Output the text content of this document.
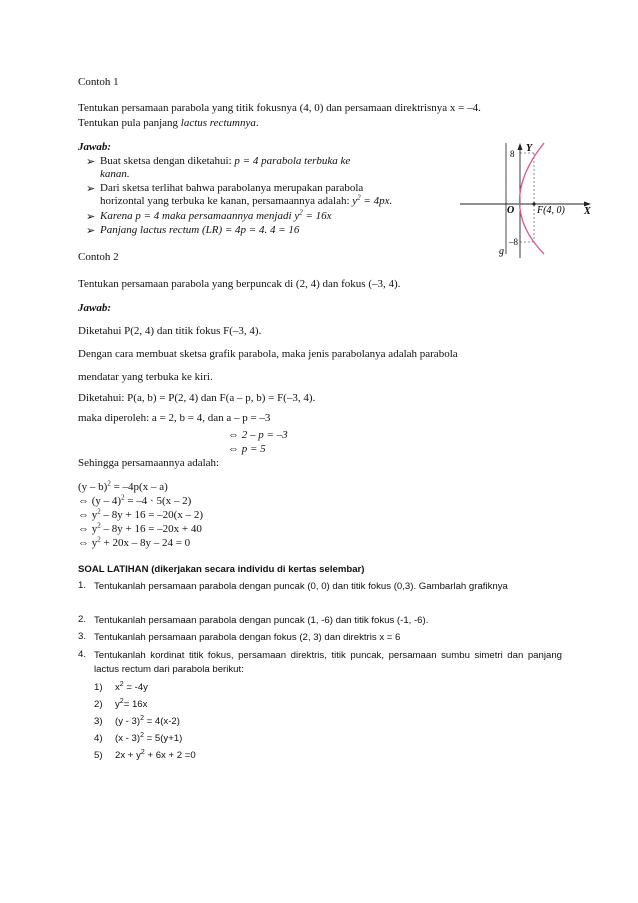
Contoh 1
Tentukan persamaan parabola yang titik fokusnya (4, 0) dan persamaan direktrisnya x = –4.
Tentukan pula panjang lactus rectumnya.
Jawab:
➢ Buat sketsa dengan diketahui: p = 4 parabola terbuka ke
kanan.
➢ Dari sketsa terlihat bahwa parabolanya merupakan parabola
horizontal yang terbuka ke kanan, persamaannya adalah: $y^2 = 4px$.
➢ Karena p = 4 maka persamaannya menjadi $y^2 = 16x$
➢ Panjang lactus rectum (LR) = 4p = 4. 4 = 16
Contoh 2
Tentukan persamaan parabola yang berpuncak di (2, 4) dan fokus (–3, 4).
Jawab:
Diketahui P(2, 4) dan titik fokus F(–3, 4).
Dengan cara membuat sketsa grafik parabola, maka jenis parabolanya adalah parabola
mendatar yang terbuka ke kiri.
Diketahui: P(a, b) = P(2, 4) dan F(a – p, b) = F(–3, 4).
maka diperoleh: a = 2, b = 4, dan a – p = –3
⇔ 2 – p = –3
⇔ p = 5
Sehingga persamaannya adalah:
(y – b)$^2$ = –4p(x – a)
⇔ (y – 4)$^2$ = –4 · 5(x – 2)
⇔ $y^2 - 8y + 16 = -20(x - 2)$
⇔ $y^2 - 8y + 16 = -20x + 40$
⇔ $y^2 + 20x - 8y - 24 = 0$
SOAL LATIHAN (dikerjakan secara individu di kertas selembar)
1. Tentukanlah persamaan parabola dengan puncak (0, 0) dan titik fokus (0,3). Gambarlah grafiknya
2. Tentukanlah persamaan parabola dengan puncak (1, -6) dan titik fokus (-1, -6).
3. Tentukanlah persamaan parabola dengan fokus (2, 3) dan direktris x = 6
4. Tentukanlah kordinat titik fokus, persamaan direktris, titik puncak, persamaan sumbu simetri dan panjang lactus rectum dari parabola berikut:
1) $x^2 = -4y$
2) $y^2= 16x$
3) (y - 3)$^2$ = 4(x-2)
4) (x - 3)$^2$ = 5(y+1)
5) $2x + y^2 + 6x + 2 =0$
Y
X
O F(4, 0)
8
–8
g
